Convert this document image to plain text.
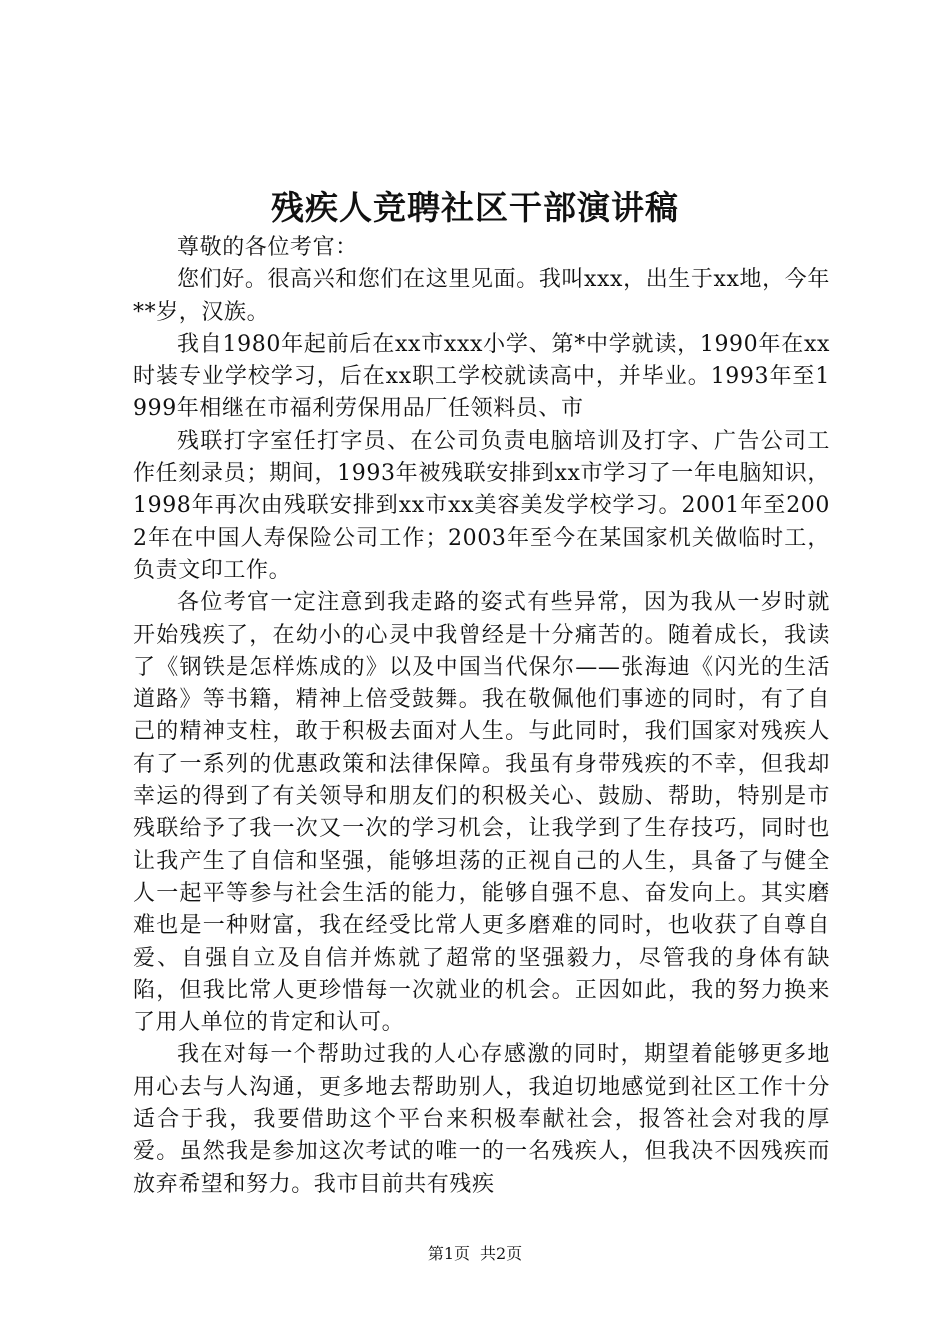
残疾人竞聘社区干部演讲稿

尊敬的各位考官：

您们好。很高兴和您们在这里见面。我叫xxx，出生于xx地，今年**岁，汉族。

我自1980年起前后在xx市xxx小学、第*中学就读，1990年在xx时装专业学校学习，后在xx职工学校就读高中，并毕业。1993年至1999年相继在市福利劳保用品厂任领料员、市

残联打字室任打字员、在公司负责电脑培训及打字、广告公司工作任刻录员；期间，1993年被残联安排到xx市学习了一年电脑知识，1998年再次由残联安排到xx市xx美容美发学校学习。2001年至2002年在中国人寿保险公司工作；2003年至今在某国家机关做临时工，负责文印工作。

各位考官一定注意到我走路的姿式有些异常，因为我从一岁时就开始残疾了，在幼小的心灵中我曾经是十分痛苦的。随着成长，我读了《钢铁是怎样炼成的》以及中国当代保尔——张海迪《闪光的生活道路》等书籍，精神上倍受鼓舞。我在敬佩他们事迹的同时，有了自己的精神支柱，敢于积极去面对人生。与此同时，我们国家对残疾人有了一系列的优惠政策和法律保障。我虽有身带残疾的不幸，但我却幸运的得到了有关领导和朋友们的积极关心、鼓励、帮助，特别是市残联给予了我一次又一次的学习机会，让我学到了生存技巧，同时也让我产生了自信和坚强，能够坦荡的正视自己的人生，具备了与健全人一起平等参与社会生活的能力，能够自强不息、奋发向上。其实磨难也是一种财富，我在经受比常人更多磨难的同时，也收获了自尊自爱、自强自立及自信并炼就了超常的坚强毅力，尽管我的身体有缺陷，但我比常人更珍惜每一次就业的机会。正因如此，我的努力换来了用人单位的肯定和认可。

我在对每一个帮助过我的人心存感激的同时，期望着能够更多地用心去与人沟通，更多地去帮助别人，我迫切地感觉到社区工作十分适合于我，我要借助这个平台来积极奉献社会，报答社会对我的厚爱。虽然我是参加这次考试的唯一的一名残疾人，但我决不因残疾而放弃希望和努力。我市目前共有残疾

第1页 共2页
